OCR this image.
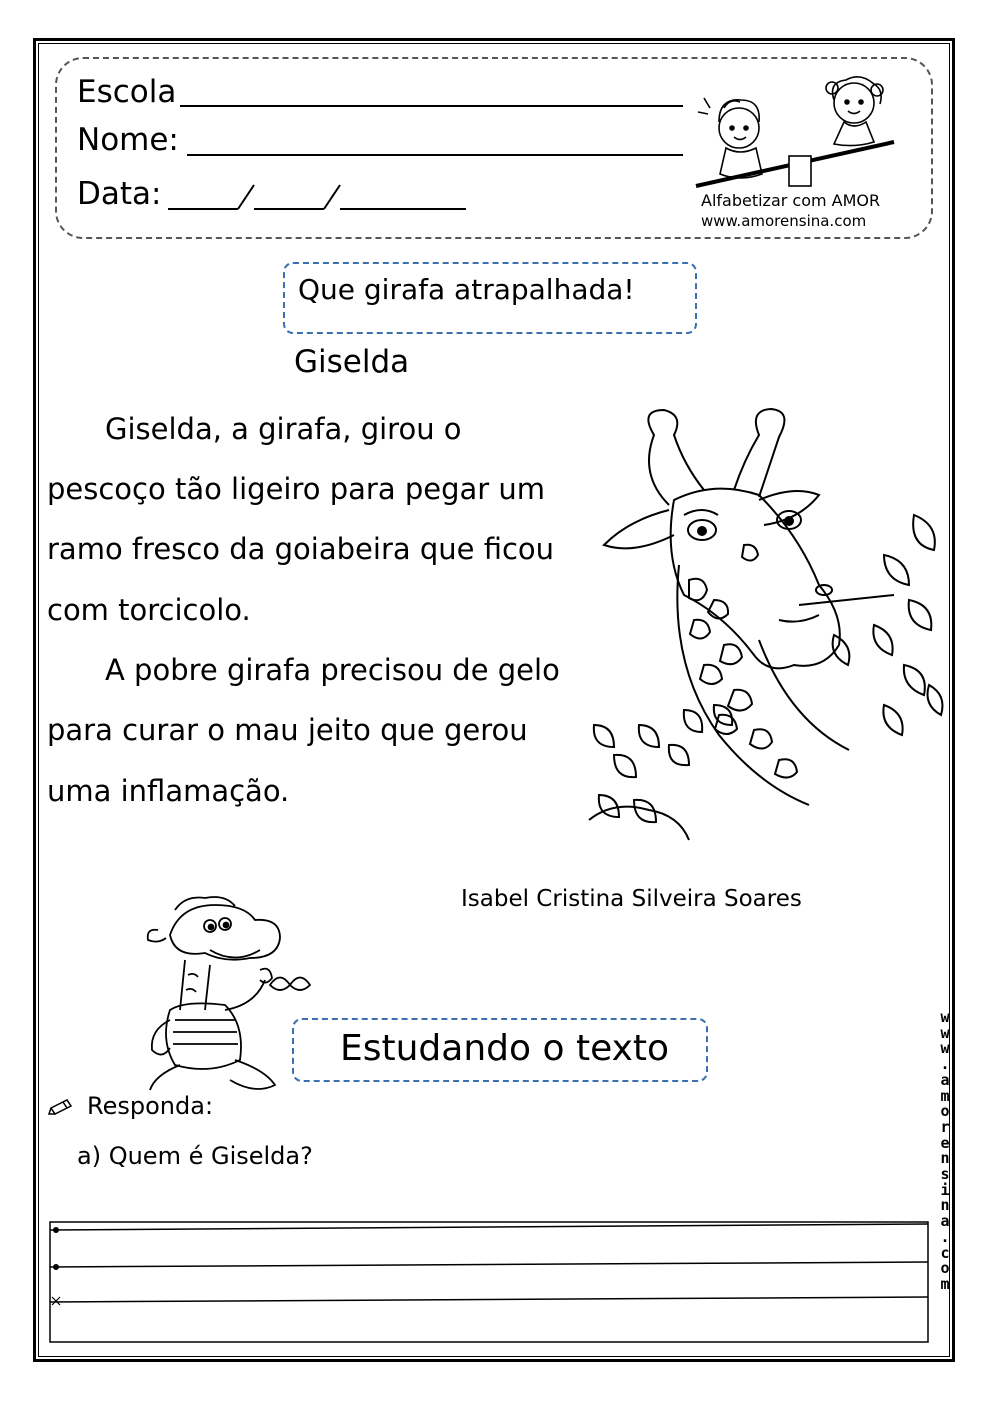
Escola
Nome:
Data:	Alfabetizar com AMOR
www.amorensina.com
Que girafa atrapalhada!
Giselda
Giselda, a girafa, girou o
pescoço tão ligeiro para pegar um
ramo fresco da goiabeira que ficou
com torcicolo.
A pobre girafa precisou de gelo
para curar o mau jeito que gerou
uma inflamação.
Isabel Cristina Silveira Soares
Estudando o texto
Responda:
a) Quem é Giselda?
w
w
w
.
a
m
o
r
e
n
s
i
n
a
.
c
o
m
